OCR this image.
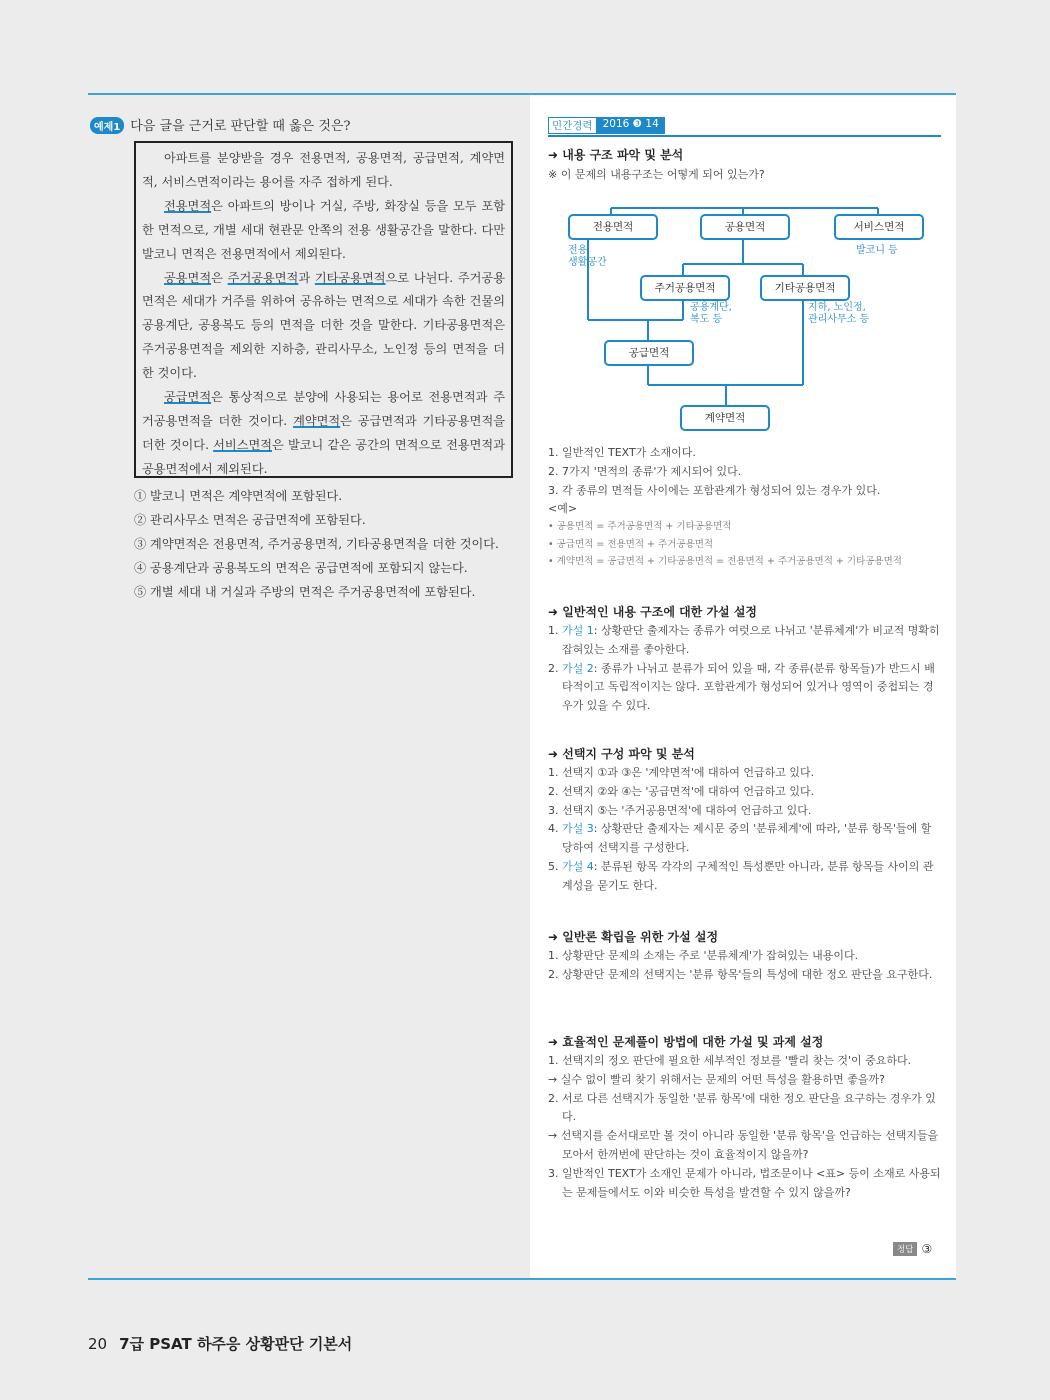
예제1 다음 글을 근거로 판단할 때 옳은 것은?

아파트를 분양받을 경우 전용면적, 공용면적, 공급면적, 계약면적, 서비스면적이라는 용어를 자주 접하게 된다.

전용면적은 아파트의 방이나 거실, 주방, 화장실 등을 모두 포함한 면적으로, 개별 세대 현관문 안쪽의 전용 생활공간을 말한다. 다만 발코니 면적은 전용면적에서 제외된다.

공용면적은 주거공용면적과 기타공용면적으로 나뉜다. 주거공용면적은 세대가 거주를 위하여 공유하는 면적으로 세대가 속한 건물의 공용계단, 공용복도 등의 면적을 더한 것을 말한다. 기타공용면적은 주거공용면적을 제외한 지하층, 관리사무소, 노인정 등의 면적을 더한 것이다.

공급면적은 통상적으로 분양에 사용되는 용어로 전용면적과 주거공용면적을 더한 것이다. 계약면적은 공급면적과 기타공용면적을 더한 것이다. 서비스면적은 발코니 같은 공간의 면적으로 전용면적과 공용면적에서 제외된다.

① 발코니 면적은 계약면적에 포함된다.
② 관리사무소 면적은 공급면적에 포함된다.
③ 계약면적은 전용면적, 주거공용면적, 기타공용면적을 더한 것이다.
④ 공용계단과 공용복도의 면적은 공급면적에 포함되지 않는다.
⑤ 개별 세대 내 거실과 주방의 면적은 주거공용면적에 포함된다.
민간경력 2016 ❸ 14
➜ 내용 구조 파악 및 분석
※ 이 문제의 내용구조는 어떻게 되어 있는가?
전용면적	공용면적	서비스면적
주거공용면적	기타공용면적
공급면적
계약면적
전용
생활공간
발코니 등
공용계단,
복도 등
지하, 노인정,
관리사무소 등
1. 일반적인 TEXT가 소재이다.
2. 7가지 '면적의 종류'가 제시되어 있다.
3. 각 종류의 면적들 사이에는 포함관계가 형성되어 있는 경우가 있다.
<예>
• 공용면적 = 주거공용면적 + 기타공용면적
• 공급면적 = 전용면적 + 주거공용면적
• 계약면적 = 공급면적 + 기타공용면적 = 전용면적 + 주거공용면적 + 기타공용면적
➜ 일반적인 내용 구조에 대한 가설 설정
1. 가설 1: 상황판단 출제자는 종류가 여럿으로 나뉘고 '분류체계'가 비교적 명확히 잡혀있는 소재를 좋아한다.
2. 가설 2: 종류가 나뉘고 분류가 되어 있을 때, 각 종류(분류 항목들)가 반드시 배타적이고 독립적이지는 않다. 포함관계가 형성되어 있거나 영역이 중첩되는 경우가 있을 수 있다.
➜ 선택지 구성 파악 및 분석
1. 선택지 ①과 ③은 '계약면적'에 대하여 언급하고 있다.
2. 선택지 ②와 ④는 '공급면적'에 대하여 언급하고 있다.
3. 선택지 ⑤는 '주거공용면적'에 대하여 언급하고 있다.
4. 가설 3: 상황판단 출제자는 제시문 중의 '분류체계'에 따라, '분류 항목'들에 할당하여 선택지를 구성한다.
5. 가설 4: 분류된 항목 각각의 구체적인 특성뿐만 아니라, 분류 항목들 사이의 관계성을 묻기도 한다.
➜ 일반론 확립을 위한 가설 설정
1. 상황판단 문제의 소재는 주로 '분류체계'가 잡혀있는 내용이다.
2. 상황판단 문제의 선택지는 '분류 항목'들의 특성에 대한 정오 판단을 요구한다.
➜ 효율적인 문제풀이 방법에 대한 가설 및 과제 설정
1. 선택지의 정오 판단에 필요한 세부적인 정보를 '빨리 찾는 것'이 중요하다.
→ 실수 없이 빨리 찾기 위해서는 문제의 어떤 특성을 활용하면 좋을까?
2. 서로 다른 선택지가 동일한 '분류 항목'에 대한 정오 판단을 요구하는 경우가 있다.
→ 선택지를 순서대로만 볼 것이 아니라 동일한 '분류 항목'을 언급하는 선택지들을 모아서 한꺼번에 판단하는 것이 효율적이지 않을까?
3. 일반적인 TEXT가 소재인 문제가 아니라, 법조문이나 <표> 등이 소재로 사용되는 문제들에서도 이와 비슷한 특성을 발견할 수 있지 않을까?
정답 ③
20 7급 PSAT 하주응 상황판단 기본서
